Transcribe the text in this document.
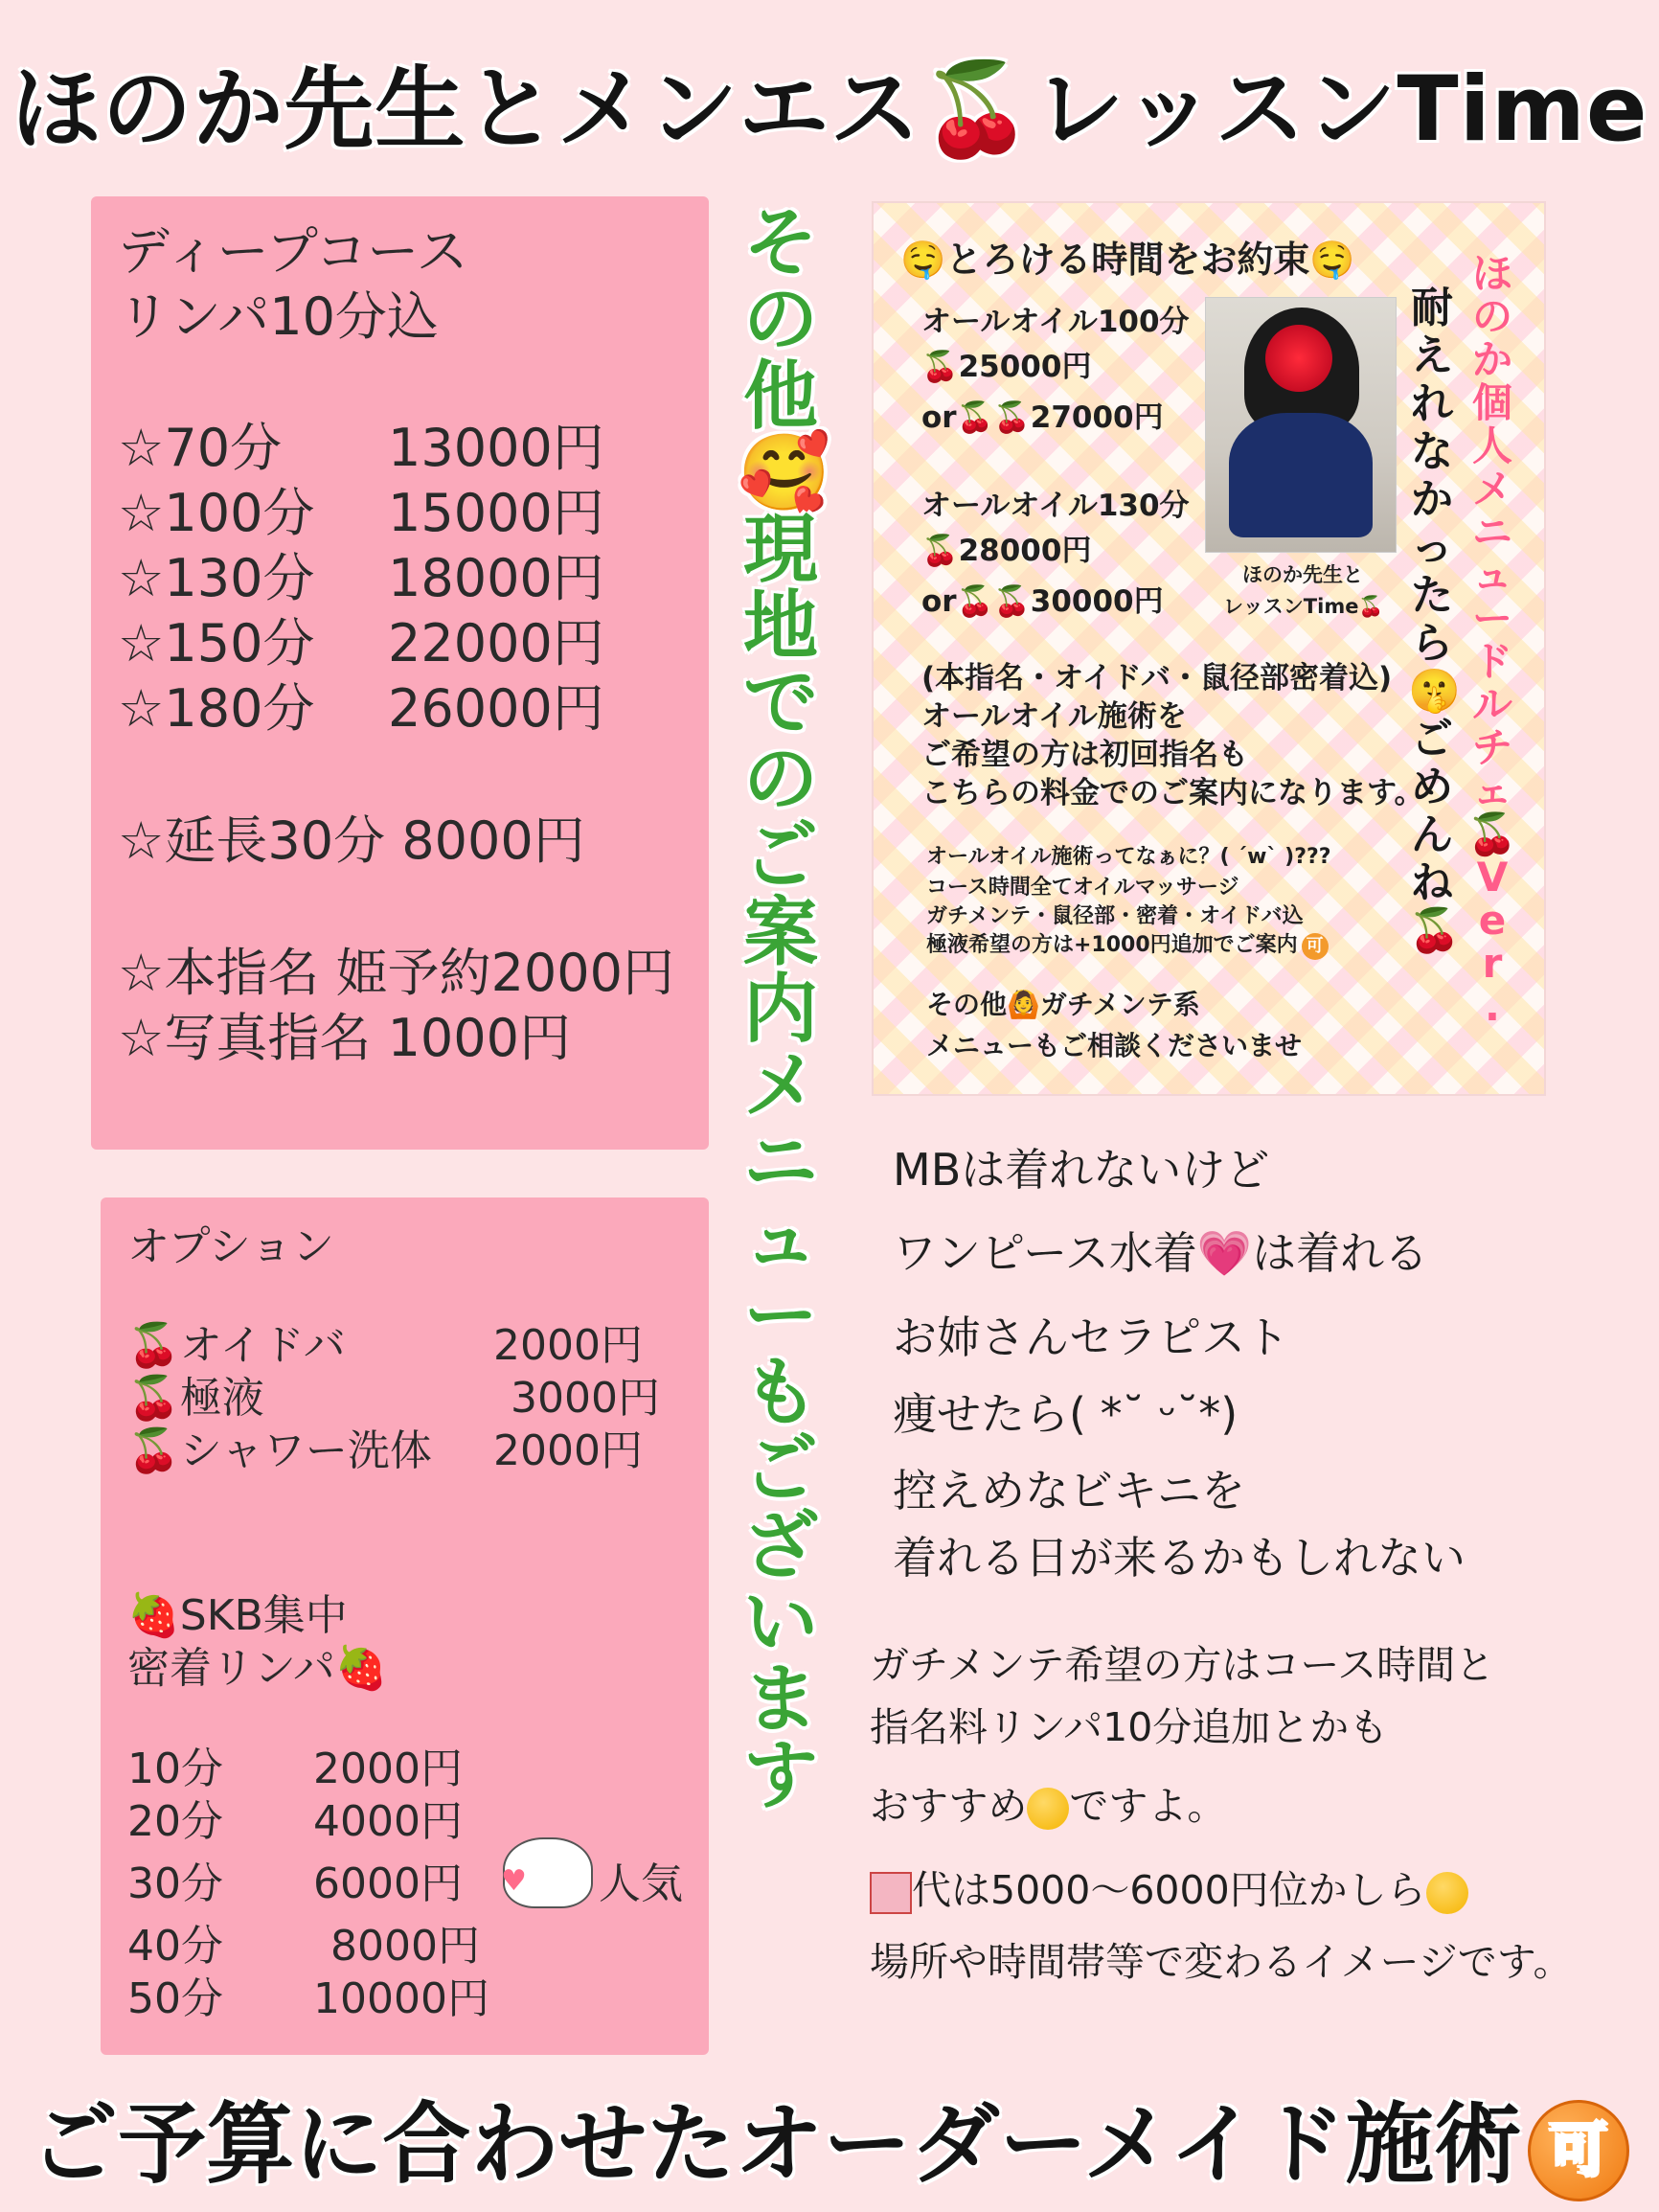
ほのか先生とメンエス🍒レッスンTime
ディープコース
リンパ10分込
☆70分 13000円
☆100分 15000円
☆130分 18000円
☆150分 22000円
☆180分 26000円
☆延長30分 8000円
☆本指名 姫予約2000円
☆写真指名 1000円
オプション
🍒オイドバ	2000円
🍒極液	3000円
🍒シャワー洗体 2000円
🍓SKB集中
密着リンパ🍓
10分 2000円
20分 4000円
30分 6000円
♥	人気
40分	8000円
50分 10000円
そ
の
他
🥰
現
地
で
の
ご
案
内
メ
ニ
ュ
ー
も
ご
ざ
い
ま
す
🤤とろける時間をお約束🤤
オールオイル100分
🍒25000円
or🍒🍒27000円
オールオイル130分
🍒28000円
or🍒🍒30000円
ほのか先生と
レッスンTime🍒
(本指名・オイドバ・鼠径部密着込)
オールオイル施術を
ご希望の方は初回指名も
こちらの料金でのご案内になります。
オールオイル施術ってなぁに？( ´w` )???
コース時間全てオイルマッサージ
ガチメンテ・鼠径部・密着・オイドバ込
極液希望の方は+1000円追加でご案内 可
その他🙆ガチメンテ系
メニューもご相談くださいませ
ほ
の
か
個
人
メ
ニ
ュ
ー
ド
ル
チ
ェ
🍒
V
e
r
.
耐
え
れ
な
か
っ
た
ら
🤫
ご
め
ん
ね
🍒
MBは着れないけど
ワンピース水着💗は着れる
お姉さんセラピスト
痩せたら( *˘ ᵕ˘*)
控えめなビキニを
着れる日が来るかもしれない
ガチメンテ希望の方はコース時間と
指名料リンパ10分追加とかも
おすすめ ですよ。
代は5000〜6000円位かしら
場所や時間帯等で変わるイメージです。
ご予算に合わせたオーダーメイド施術 可
